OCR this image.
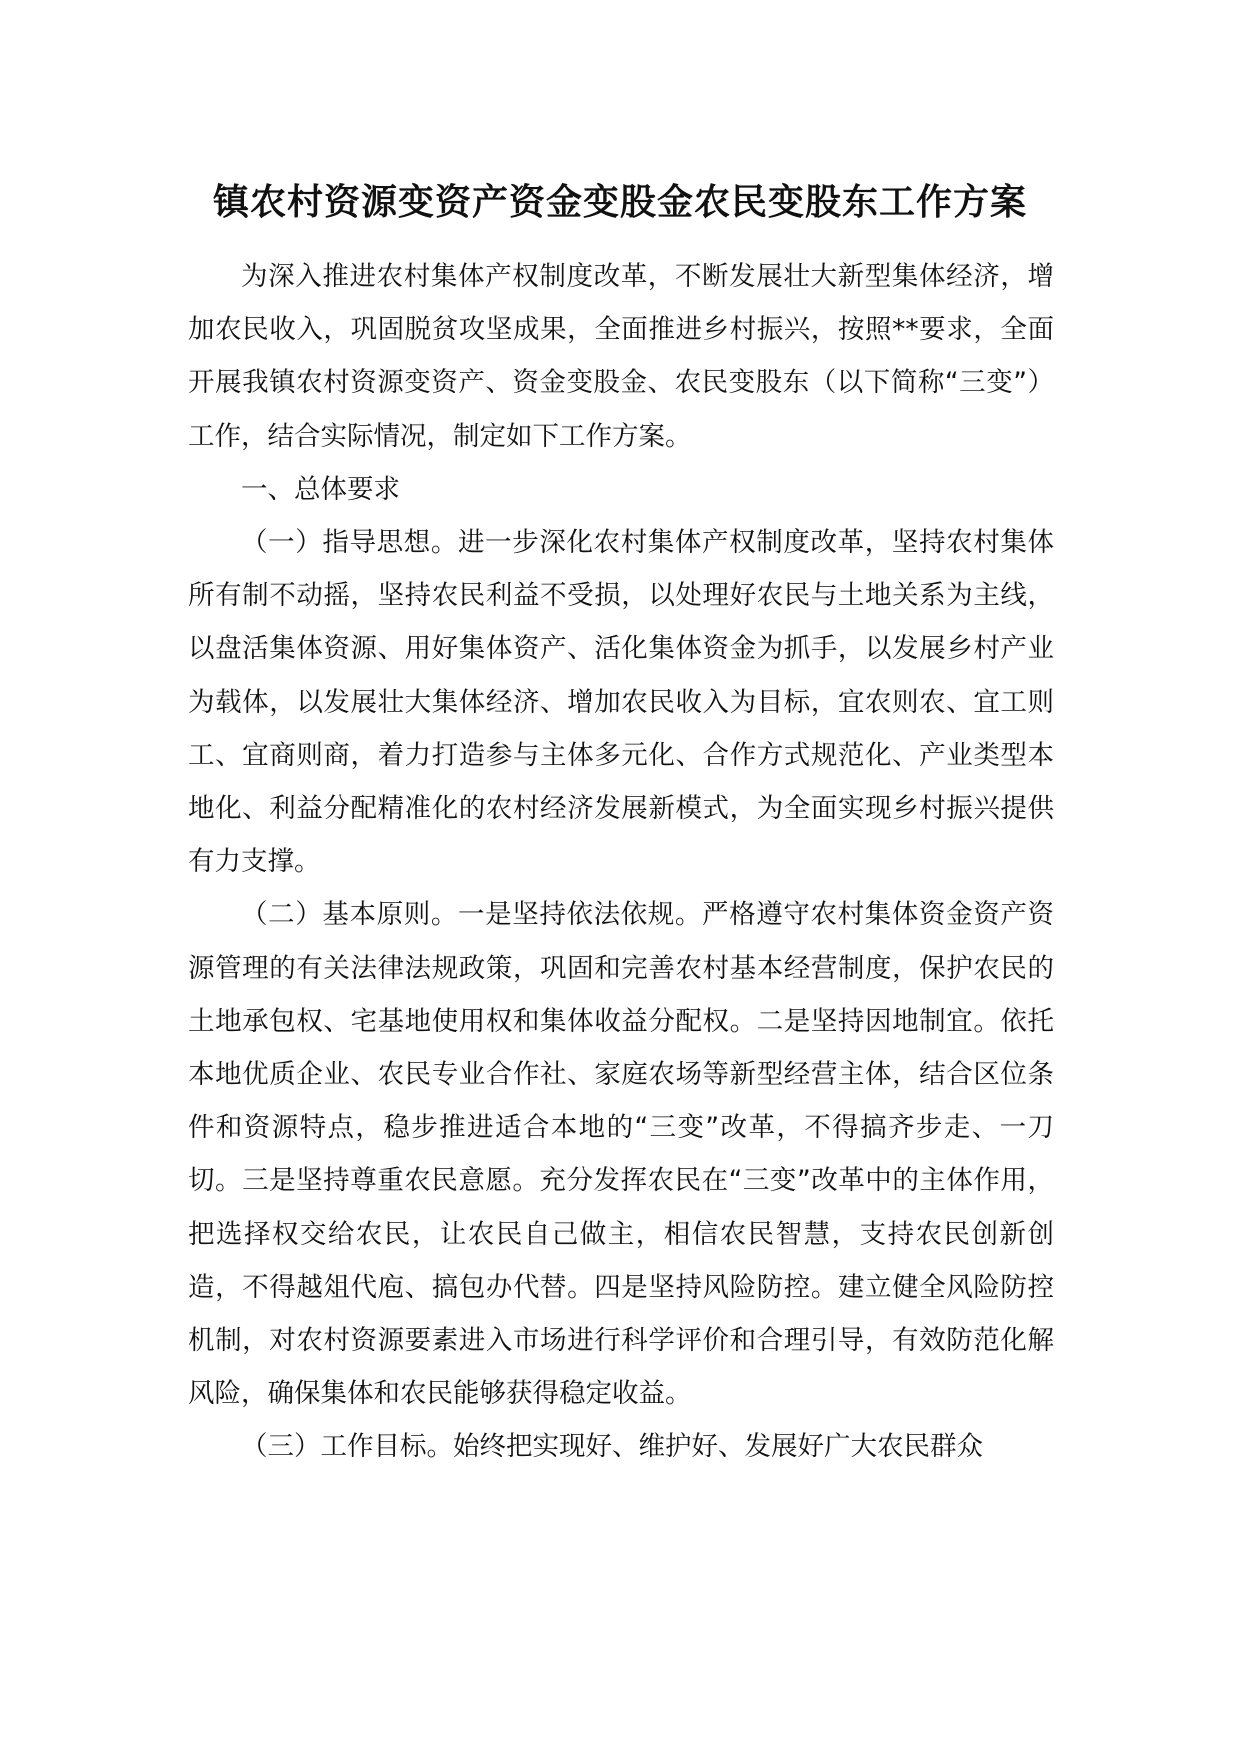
镇农村资源变资产资金变股金农民变股东工作方案

为深入推进农村集体产权制度改革，不断发展壮大新型集体经济，增加农民收入，巩固脱贫攻坚成果，全面推进乡村振兴，按照**要求，全面开展我镇农村资源变资产、资金变股金、农民变股东（以下简称“三变”）工作，结合实际情况，制定如下工作方案。

一、总体要求

（一）指导思想。进一步深化农村集体产权制度改革，坚持农村集体所有制不动摇，坚持农民利益不受损，以处理好农民与土地关系为主线，以盘活集体资源、用好集体资产、活化集体资金为抓手，以发展乡村产业为载体，以发展壮大集体经济、增加农民收入为目标，宜农则农、宜工则工、宜商则商，着力打造参与主体多元化、合作方式规范化、产业类型本地化、利益分配精准化的农村经济发展新模式，为全面实现乡村振兴提供有力支撑。

（二）基本原则。一是坚持依法依规。严格遵守农村集体资金资产资源管理的有关法律法规政策，巩固和完善农村基本经营制度，保护农民的土地承包权、宅基地使用权和集体收益分配权。二是坚持因地制宜。依托本地优质企业、农民专业合作社、家庭农场等新型经营主体，结合区位条件和资源特点，稳步推进适合本地的“三变”改革，不得搞齐步走、一刀切。三是坚持尊重农民意愿。充分发挥农民在“三变”改革中的主体作用，把选择权交给农民，让农民自己做主，相信农民智慧，支持农民创新创造，不得越俎代庖、搞包办代替。四是坚持风险防控。建立健全风险防控机制，对农村资源要素进入市场进行科学评价和合理引导，有效防范化解风险，确保集体和农民能够获得稳定收益。

（三）工作目标。始终把实现好、维护好、发展好广大农民群众
